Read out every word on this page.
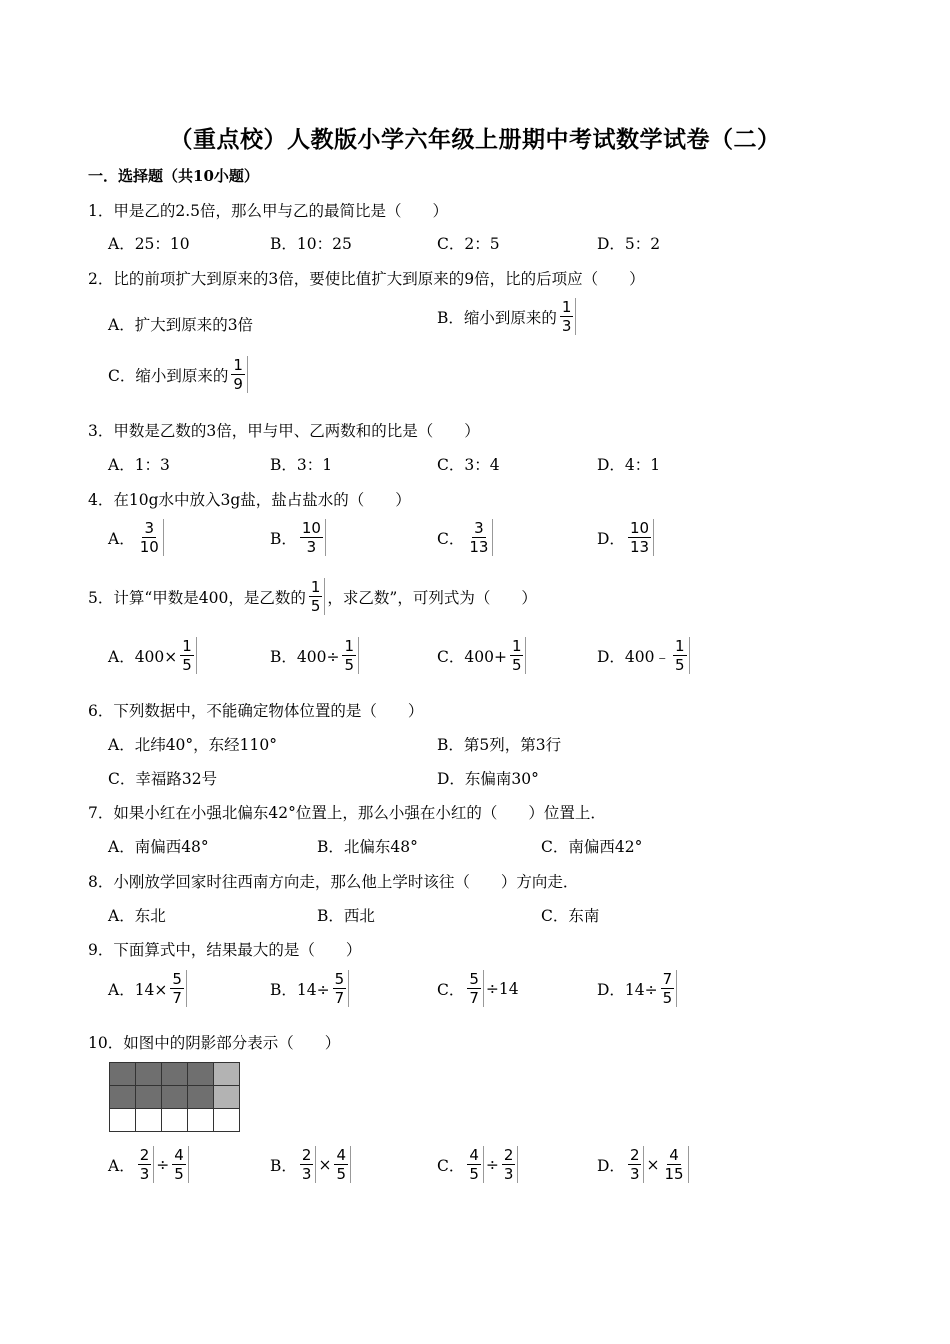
（重点校）人教版小学六年级上册期中考试数学试卷（二）
一．选择题（共10小题）
1．甲是乙的2.5倍，那么甲与乙的最简比是（　　）
A．25：10	B．10：25	C．2：5	D．5：2
2．比的前项扩大到原来的3倍，要使比值扩大到原来的9倍，比的后项应（　　）
A．扩大到原来的3倍	B．缩小到原来的 $\frac{1}{3}$
C．缩小到原来的 $\frac{1}{9}$
3．甲数是乙数的3倍，甲与甲、乙两数和的比是（　　）
A．1：3	B．3：1	C．3：4	D．4：1
4．在10g水中放入3g盐，盐占盐水的（　　）
A． $\frac{3}{10}$	B． $\frac{10}{3}$	C． $\frac{3}{13}$	D． $\frac{10}{13}$
5．计算“甲数是400，是乙数的 $\frac{1}{5}$ ，求乙数”，可列式为（　　）
A．$400\times \frac{1}{5}$	B．$400\div \frac{1}{5}$	C．$400+ \frac{1}{5}$	D．400﹣ $\frac{1}{5}$
6．下列数据中，不能确定物体位置的是（　　）
A．北纬40°，东经110°	B．第5列，第3行
C．幸福路32号	D．东偏南30°
7．如果小红在小强北偏东42°位置上，那么小强在小红的（　　）位置上．
A．南偏西48°	B．北偏东48°	C．南偏西42°
8．小刚放学回家时往西南方向走，那么他上学时该往（　　）方向走．
A．东北	B．西北	C．东南
9．下面算式中，结果最大的是（　　）
A．$14\times \frac{5}{7}$	B．$14\div \frac{5}{7}$	C． $\frac{5}{7} \div 14$	D．$14\div \frac{7}{5}$
10．如图中的阴影部分表示（　　）

A． $\frac{2}{3} \div \frac{4}{5}$	B． $\frac{2}{3} \times \frac{4}{5}$	C． $\frac{4}{5} \div \frac{2}{3}$	D． $\frac{2}{3} \times \frac{4}{15}$
